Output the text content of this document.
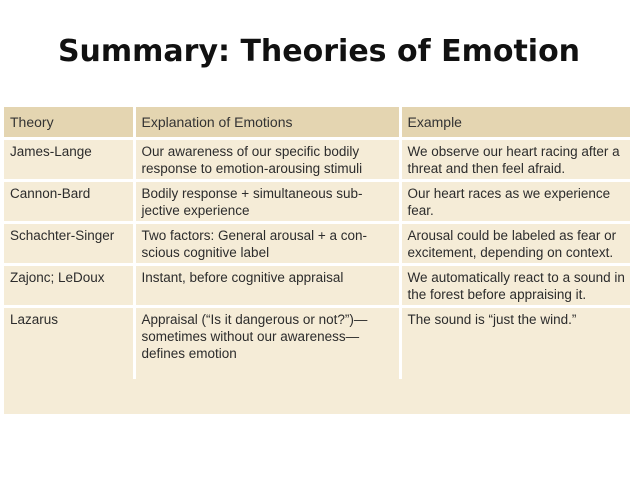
Summary: Theories of Emotion
Theory	Explanation of Emotions	Example
James-Lange	Our awareness of our specific bodily response to emotion-arousing stimuli	We observe our heart racing after a threat and then feel afraid.
Cannon-Bard	Bodily response + simultaneous sub-jective experience	Our heart races as we experience fear.
Schachter-Singer	Two factors: General arousal + a con-scious cognitive label	Arousal could be labeled as fear or excitement, depending on context.
Zajonc; LeDoux	Instant, before cognitive appraisal	We automatically react to a sound in the forest before appraising it.
Lazarus	Appraisal (“Is it dangerous or not?”)—sometimes without our awareness—defines emotion	The sound is “just the wind.”
